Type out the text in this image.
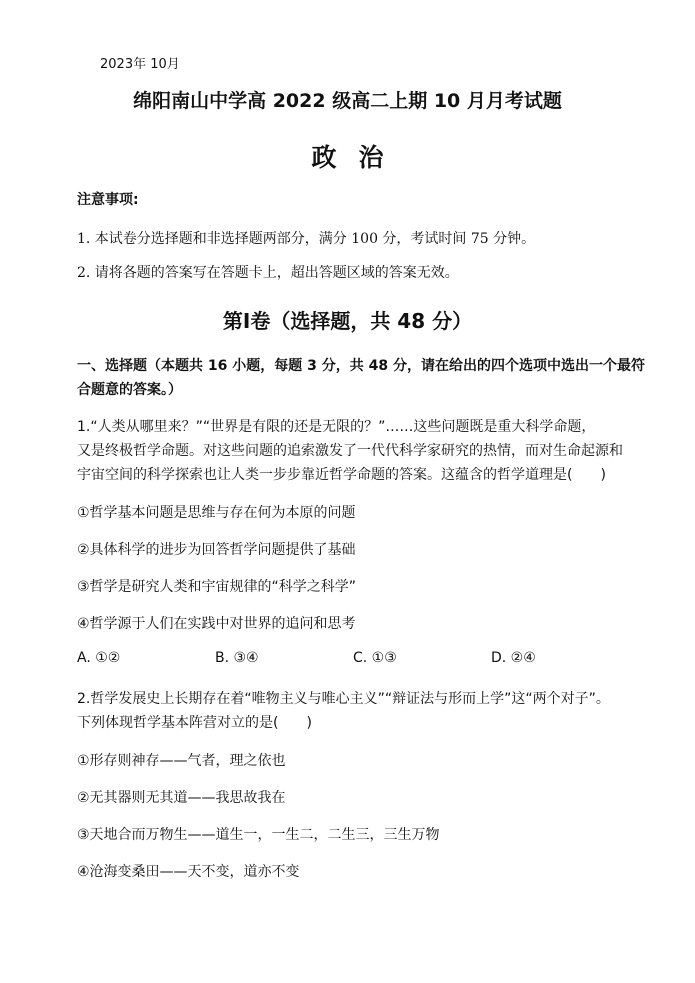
2023年 10月
绵阳南山中学高 2022 级高二上期 10 月月考试题
政治
注意事项:
1. 本试卷分选择题和非选择题两部分，满分 100 分，考试时间 75 分钟。
2. 请将各题的答案写在答题卡上，超出答题区域的答案无效。
第Ⅰ卷（选择题，共 48 分）
一、选择题（本题共 16 小题，每题 3 分，共 48 分，请在给出的四个选项中选出一个最符
合题意的答案。）
1.“人类从哪里来？”“世界是有限的还是无限的？”……这些问题既是重大科学命题，
又是终极哲学命题。对这些问题的追索激发了一代代科学家研究的热情，而对生命起源和
宇宙空间的科学探索也让人类一步步靠近哲学命题的答案。这蕴含的哲学道理是(　　)
①哲学基本问题是思维与存在何为本原的问题
②具体科学的进步为回答哲学问题提供了基础
③哲学是研究人类和宇宙规律的“科学之科学”
④哲学源于人们在实践中对世界的追问和思考
A. ①②	B. ③④	C. ①③	D. ②④
2.哲学发展史上长期存在着“唯物主义与唯心主义”“辩证法与形而上学”这“两个对子”。
下列体现哲学基本阵营对立的是(　　)
①形存则神存——气者，理之依也
②无其器则无其道——我思故我在
③天地合而万物生——道生一，一生二，二生三，三生万物
④沧海变桑田——天不变，道亦不变
